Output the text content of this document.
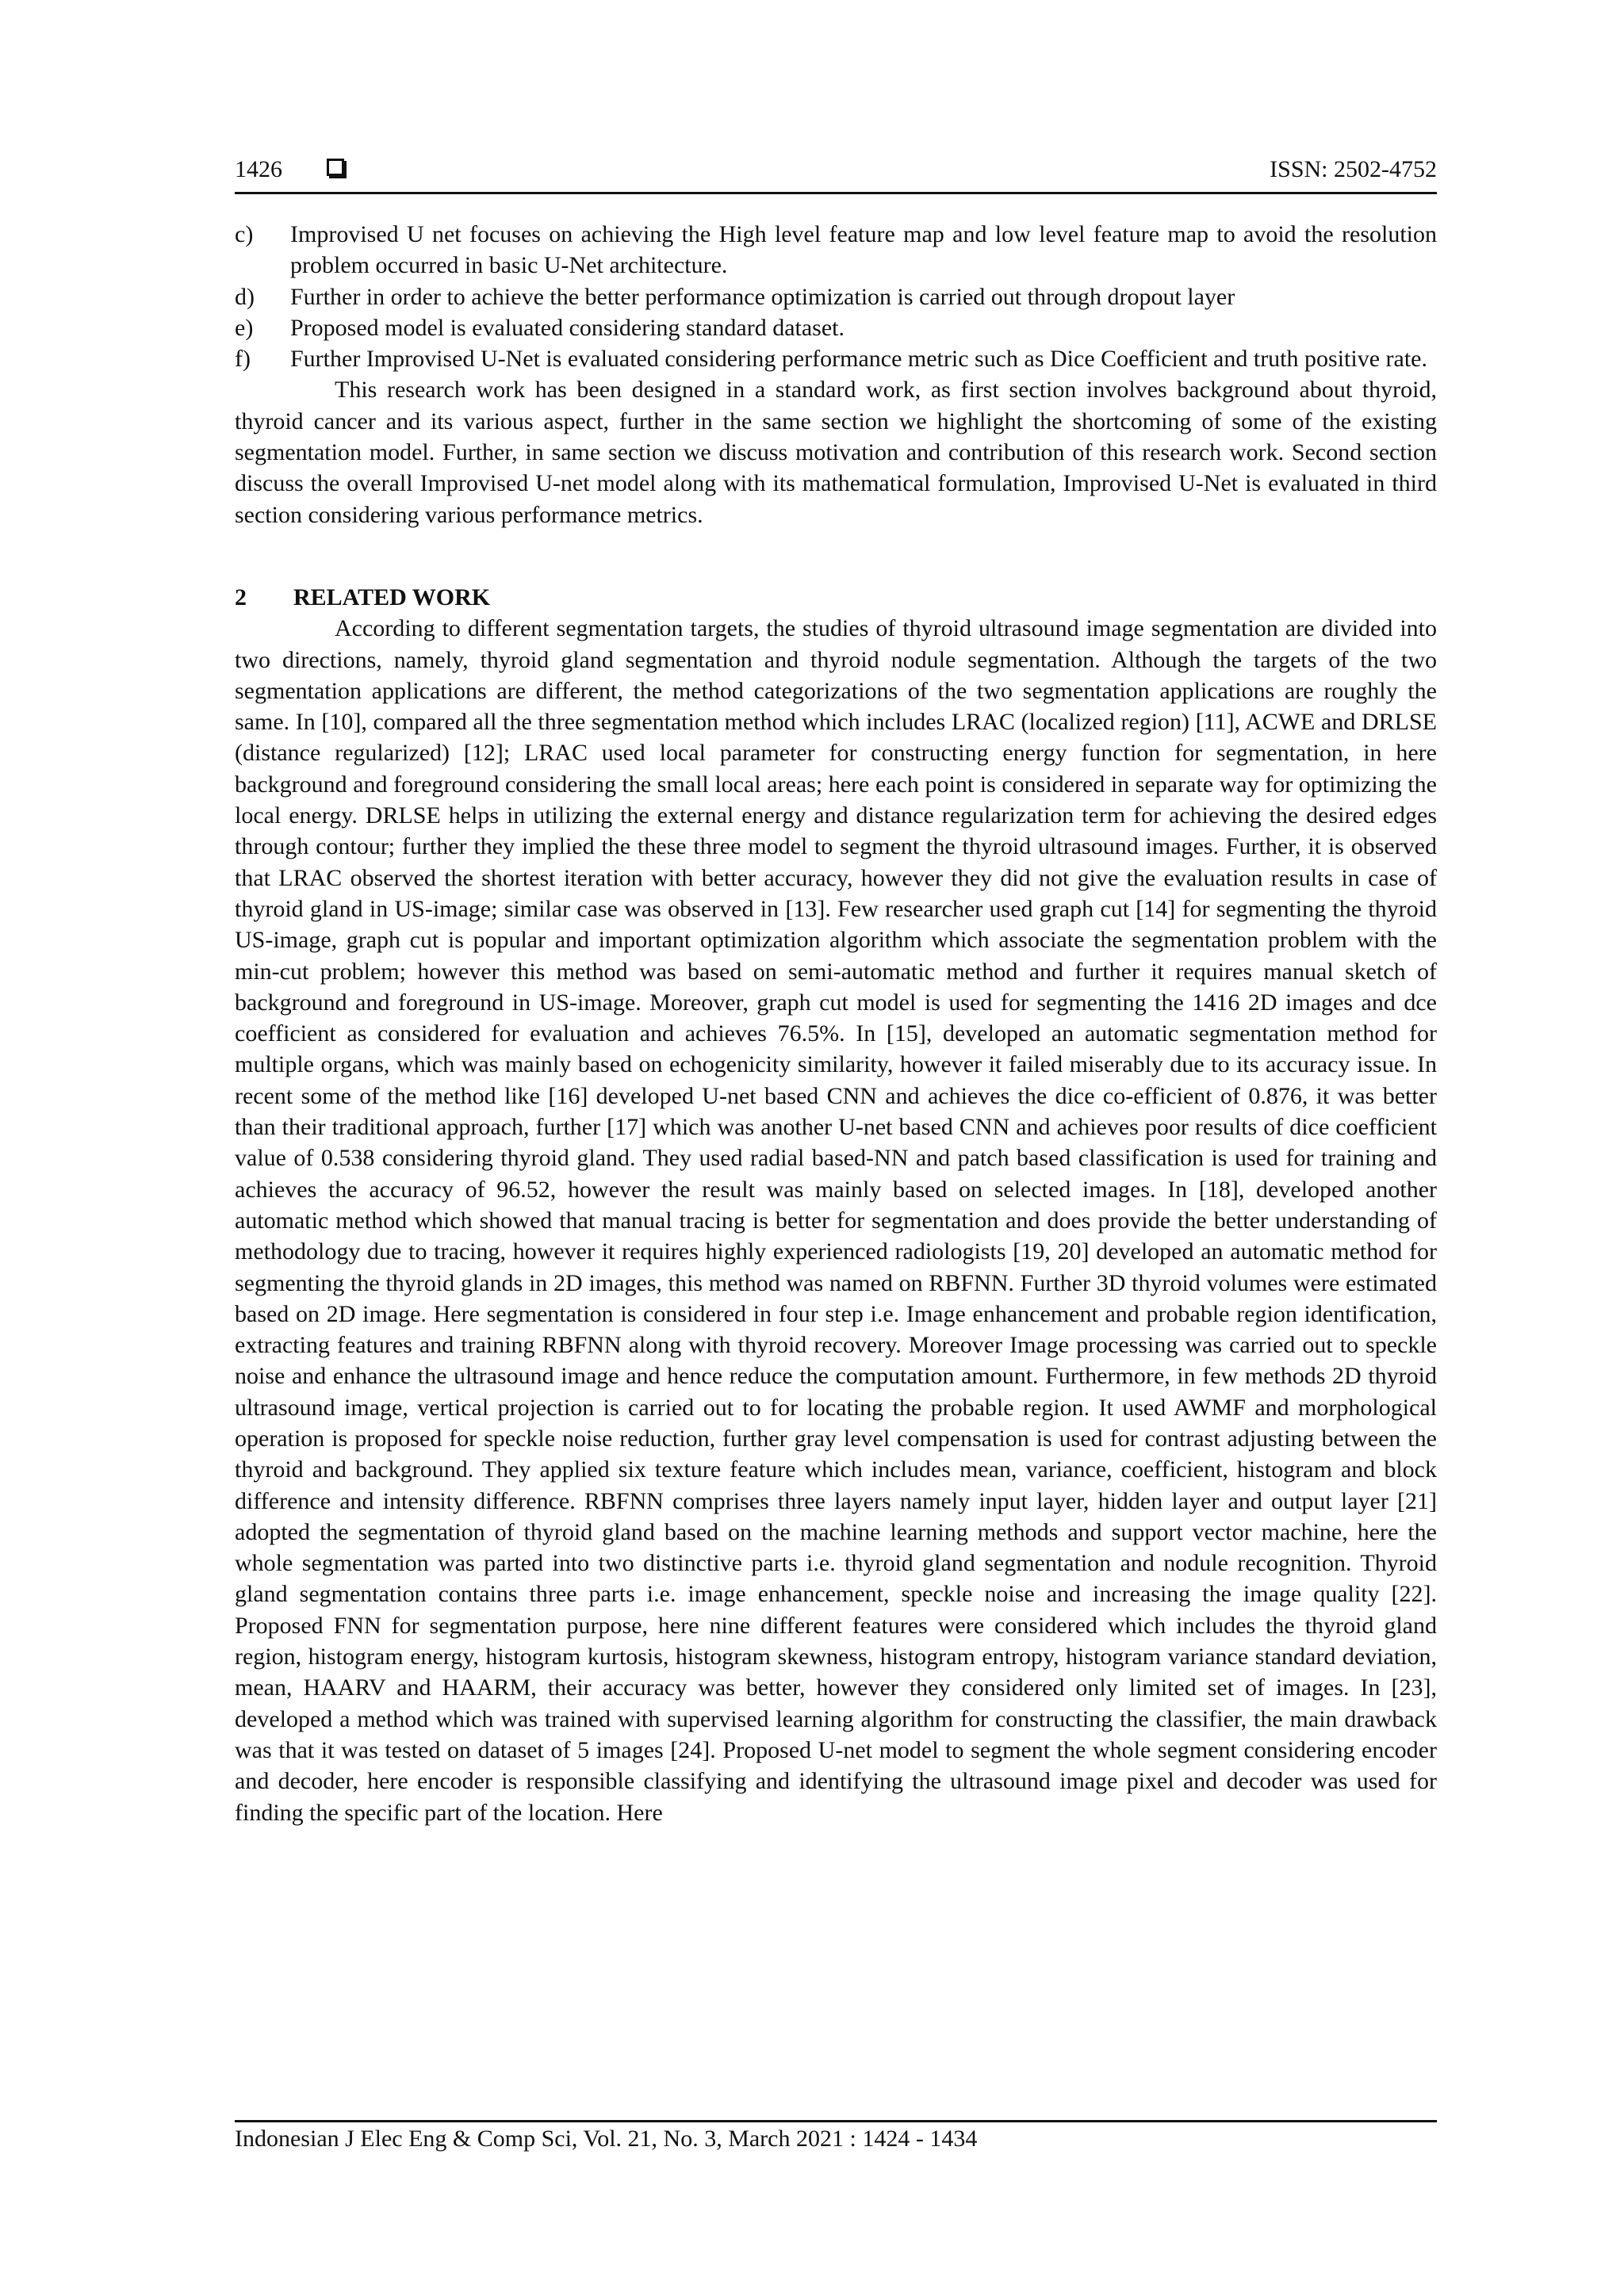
1426	ISSN: 2502-4752
c) Improvised U net focuses on achieving the High level feature map and low level feature map to avoid the resolution problem occurred in basic U-Net architecture.
d) Further in order to achieve the better performance optimization is carried out through dropout layer
e) Proposed model is evaluated considering standard dataset.
f) Further Improvised U-Net is evaluated considering performance metric such as Dice Coefficient and truth positive rate.

This research work has been designed in a standard work, as first section involves background about thyroid, thyroid cancer and its various aspect, further in the same section we highlight the shortcoming of some of the existing segmentation model. Further, in same section we discuss motivation and contribution of this research work. Second section discuss the overall Improvised U-net model along with its mathematical formulation, Improvised U-Net is evaluated in third section considering various performance metrics.

2 RELATED WORK

According to different segmentation targets, the studies of thyroid ultrasound image segmentation are divided into two directions, namely, thyroid gland segmentation and thyroid nodule segmentation. Although the targets of the two segmentation applications are different, the method categorizations of the two segmentation applications are roughly the same. In [10], compared all the three segmentation method which includes LRAC (localized region) [11], ACWE and DRLSE (distance regularized) [12]; LRAC used local parameter for constructing energy function for segmentation, in here background and foreground considering the small local areas; here each point is considered in separate way for optimizing the local energy. DRLSE helps in utilizing the external energy and distance regularization term for achieving the desired edges through contour; further they implied the these three model to segment the thyroid ultrasound images. Further, it is observed that LRAC observed the shortest iteration with better accuracy, however they did not give the evaluation results in case of thyroid gland in US-image; similar case was observed in [13]. Few researcher used graph cut [14] for segmenting the thyroid US-image, graph cut is popular and important optimization algorithm which associate the segmentation problem with the min-cut problem; however this method was based on semi-automatic method and further it requires manual sketch of background and foreground in US-image. Moreover, graph cut model is used for segmenting the 1416 2D images and dce coefficient as considered for evaluation and achieves 76.5%. In [15], developed an automatic segmentation method for multiple organs, which was mainly based on echogenicity similarity, however it failed miserably due to its accuracy issue. In recent some of the method like [16] developed U-net based CNN and achieves the dice co-efficient of 0.876, it was better than their traditional approach, further [17] which was another U-net based CNN and achieves poor results of dice coefficient value of 0.538 considering thyroid gland. They used radial based-NN and patch based classification is used for training and achieves the accuracy of 96.52, however the result was mainly based on selected images. In [18], developed another automatic method which showed that manual tracing is better for segmentation and does provide the better understanding of methodology due to tracing, however it requires highly experienced radiologists [19, 20] developed an automatic method for segmenting the thyroid glands in 2D images, this method was named on RBFNN. Further 3D thyroid volumes were estimated based on 2D image. Here segmentation is considered in four step i.e. Image enhancement and probable region identification, extracting features and training RBFNN along with thyroid recovery. Moreover Image processing was carried out to speckle noise and enhance the ultrasound image and hence reduce the computation amount. Furthermore, in few methods 2D thyroid ultrasound image, vertical projection is carried out to for locating the probable region. It used AWMF and morphological operation is proposed for speckle noise reduction, further gray level compensation is used for contrast adjusting between the thyroid and background. They applied six texture feature which includes mean, variance, coefficient, histogram and block difference and intensity difference. RBFNN comprises three layers namely input layer, hidden layer and output layer [21] adopted the segmentation of thyroid gland based on the machine learning methods and support vector machine, here the whole segmentation was parted into two distinctive parts i.e. thyroid gland segmentation and nodule recognition. Thyroid gland segmentation contains three parts i.e. image enhancement, speckle noise and increasing the image quality [22]. Proposed FNN for segmentation purpose, here nine different features were considered which includes the thyroid gland region, histogram energy, histogram kurtosis, histogram skewness, histogram entropy, histogram variance standard deviation, mean, HAARV and HAARM, their accuracy was better, however they considered only limited set of images. In [23], developed a method which was trained with supervised learning algorithm for constructing the classifier, the main drawback was that it was tested on dataset of 5 images [24]. Proposed U-net model to segment the whole segment considering encoder and decoder, here encoder is responsible classifying and identifying the ultrasound image pixel and decoder was used for finding the specific part of the location. Here

Indonesian J Elec Eng & Comp Sci, Vol. 21, No. 3, March 2021 : 1424 - 1434
